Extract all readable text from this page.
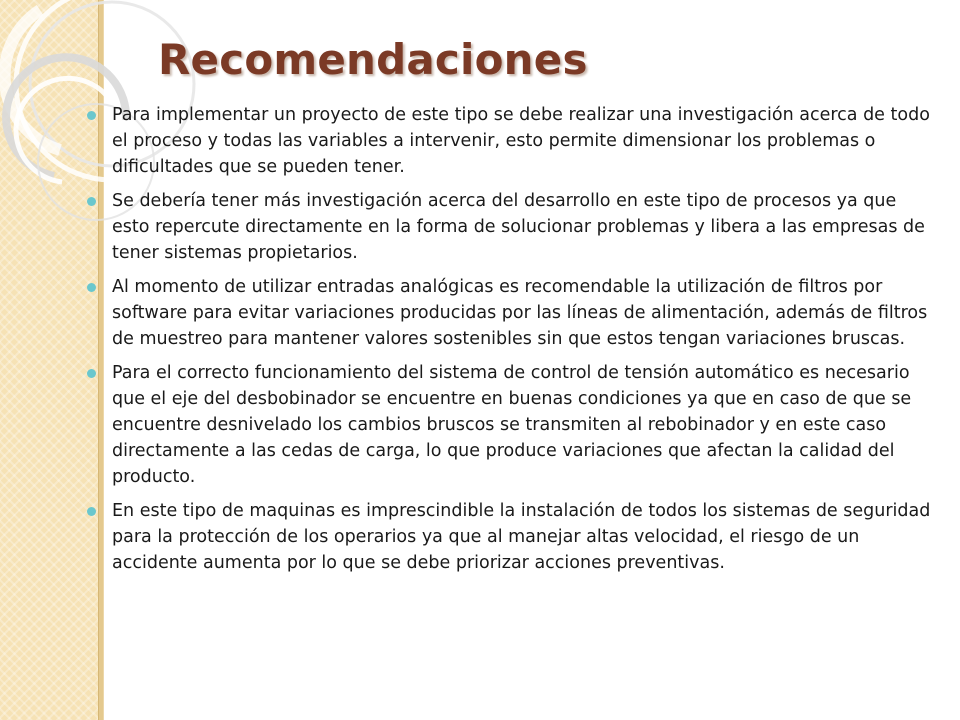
Recomendaciones
Para implementar un proyecto de este tipo se debe realizar una investigación acerca de todo el proceso y todas las variables a intervenir, esto permite dimensionar los problemas o dificultades que se pueden tener.
Se debería tener más investigación acerca del desarrollo en este tipo de procesos ya que esto repercute directamente en la forma de solucionar problemas y libera a las empresas de tener sistemas propietarios.
Al momento de utilizar entradas analógicas es recomendable la utilización de filtros por software para evitar variaciones producidas por las líneas de alimentación, además de filtros de muestreo para mantener valores sostenibles sin que estos tengan variaciones bruscas.
Para el correcto funcionamiento del sistema de control de tensión automático es necesario que el eje del desbobinador se encuentre en buenas condiciones ya que en caso de que se encuentre desnivelado los cambios bruscos se transmiten al rebobinador y en este caso directamente a las cedas de carga, lo que produce variaciones que afectan la calidad del producto.
En este tipo de maquinas es imprescindible la instalación de todos los sistemas de seguridad para la protección de los operarios ya que al manejar altas velocidad, el riesgo de un accidente aumenta por lo que se debe priorizar acciones preventivas.
